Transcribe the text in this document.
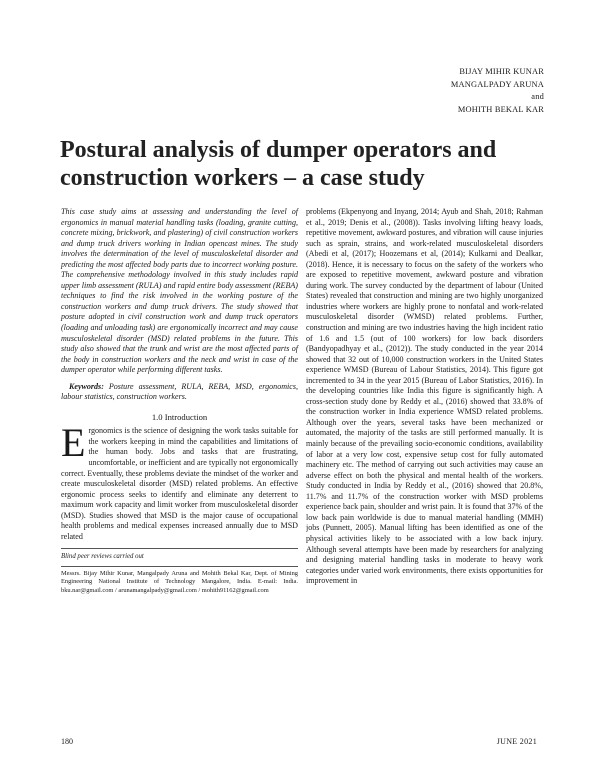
BIJAY MIHIR KUNAR
MANGALPADY ARUNA
and
MOHITH BEKAL KAR
Postural analysis of dumper operators and construction workers – a case study

This case study aims at assessing and understanding the level of ergonomics in manual material handling tasks (loading, granite cutting, concrete mixing, brickwork, and plastering) of civil construction workers and dump truck drivers working in Indian opencast mines. The study involves the determination of the level of musculoskeletal disorder and predicting the most affected body parts due to incorrect working posture. The comprehensive methodology involved in this study includes rapid upper limb assessment (RULA) and rapid entire body assessment (REBA) techniques to find the risk involved in the working posture of the construction workers and dump truck drivers. The study showed that posture adopted in civil construction work and dump truck operators (loading and unloading task) are ergonomically incorrect and may cause musculoskeletal disorder (MSD) related problems in the future. This study also showed that the trunk and wrist are the most affected parts of the body in construction workers and the neck and wrist in case of the dumper operator while performing different tasks.

Keywords: Posture assessment, RULA, REBA, MSD, ergonomics, labour statistics, construction workers.

1.0 Introduction

Ergonomics is the science of designing the work tasks suitable for the workers keeping in mind the capabilities and limitations of the human body. Jobs and tasks that are frustrating, uncomfortable, or inefficient and are typically not ergonomically correct. Eventually, these problems deviate the mindset of the worker and create musculoskeletal disorder (MSD) related problems. An effective ergonomic process seeks to identify and eliminate any deterrent to maximum work capacity and limit worker from musculoskeletal disorder (MSD). Studies showed that MSD is the major cause of occupational health problems and medical expenses increased annually due to MSD related

Blind peer reviews carried out

Messrs. Bijay Mihir Kunar, Mangalpady Aruna and Mohith Bekal Kar, Dept. of Mining Engineering National Institute of Technology Mangalore, India. E-mail: India. bku.nar@gmail.com / arunamangalpady@gmail.com / mohith91162@gmail.com

problems (Ekpenyong and Inyang, 2014; Ayub and Shah, 2018; Rahman et al., 2019; Denis et al., (2008)). Tasks involving lifting heavy loads, repetitive movement, awkward postures, and vibration will cause injuries such as sprain, strains, and work-related musculoskeletal disorders (Abedi et al, (2017); Hoozemans et al, (2014); Kulkarni and Dealkar, (2018). Hence, it is necessary to focus on the safety of the workers who are exposed to repetitive movement, awkward posture and vibration during work. The survey conducted by the department of labour (United States) revealed that construction and mining are two highly unorganized industries where workers are highly prone to nonfatal and work-related musculoskeletal disorder (WMSD) related problems. Further, construction and mining are two industries having the high incident ratio of 1.6 and 1.5 (out of 100 workers) for low back disorders (Bandyopadhyay et al., (2012)). The study conducted in the year 2014 showed that 32 out of 10,000 construction workers in the United States experience WMSD (Bureau of Labour Statistics, 2014). This figure got incremented to 34 in the year 2015 (Bureau of Labor Statistics, 2016). In the developing countries like India this figure is significantly high. A cross-section study done by Reddy et al., (2016) showed that 33.8% of the construction worker in India experience WMSD related problems. Although over the years, several tasks have been mechanized or automated, the majority of the tasks are still performed manually. It is mainly because of the prevailing socio-economic conditions, availability of labor at a very low cost, expensive setup cost for fully automated machinery etc. The method of carrying out such activities may cause an adverse effect on both the physical and mental health of the workers. Study conducted in India by Reddy et al., (2016) showed that 20.8%, 11.7% and 11.7% of the construction worker with MSD problems experience back pain, shoulder and wrist pain. It is found that 37% of the low back pain worldwide is due to manual material handling (MMH) jobs (Punnett, 2005). Manual lifting has been identified as one of the physical activities likely to be associated with a low back injury. Although several attempts have been made by researchers for analyzing and designing material handling tasks in moderate to heavy work categories under varied work environments, there exists opportunities for improvement in

180	JUNE 2021
